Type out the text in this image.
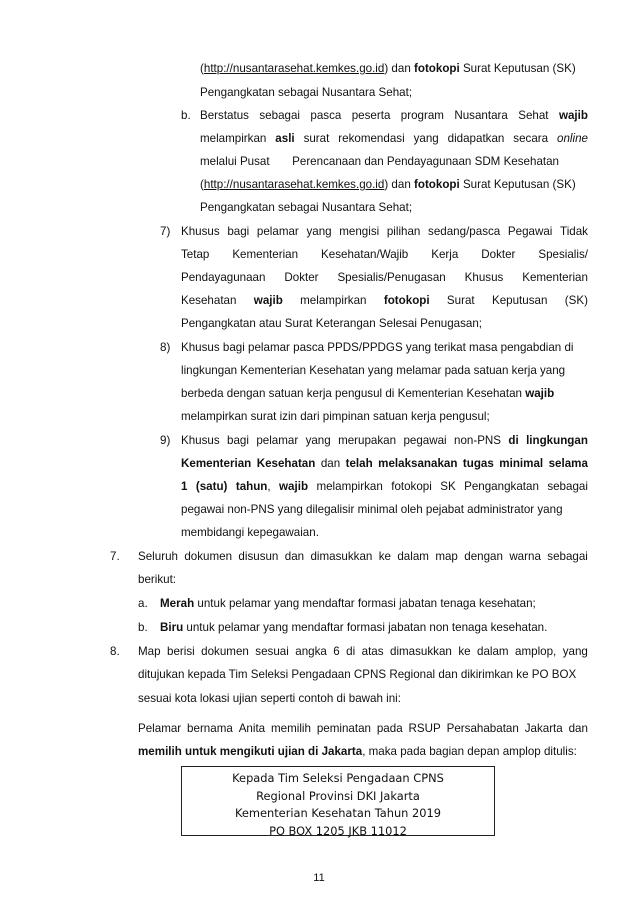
(http://nusantarasehat.kemkes.go.id) dan fotokopi Surat Keputusan (SK)
Pengangkatan sebagai Nusantara Sehat;
b. Berstatus sebagai pasca peserta program Nusantara Sehat wajib
melampirkan asli surat rekomendasi yang didapatkan secara online
melalui Pusat       Perencanaan dan Pendayagunaan SDM Kesehatan
(http://nusantarasehat.kemkes.go.id) dan fotokopi Surat Keputusan (SK)
Pengangkatan sebagai Nusantara Sehat;
7) Khusus bagi pelamar yang mengisi pilihan sedang/pasca Pegawai Tidak
Tetap Kementerian Kesehatan/Wajib Kerja Dokter Spesialis/
Pendayagunaan Dokter Spesialis/Penugasan Khusus Kementerian
Kesehatan wajib melampirkan fotokopi Surat Keputusan (SK)
Pengangkatan atau Surat Keterangan Selesai Penugasan;
8) Khusus bagi pelamar pasca PPDS/PPDGS yang terikat masa pengabdian di
lingkungan Kementerian Kesehatan yang melamar pada satuan kerja yang
berbeda dengan satuan kerja pengusul di Kementerian Kesehatan wajib
melampirkan surat izin dari pimpinan satuan kerja pengusul;
9) Khusus bagi pelamar yang merupakan pegawai non-PNS di lingkungan
Kementerian Kesehatan dan telah melaksanakan tugas minimal selama
1 (satu) tahun, wajib melampirkan fotokopi SK Pengangkatan sebagai
pegawai non-PNS yang dilegalisir minimal oleh pejabat administrator yang
membidangi kepegawaian.
7. Seluruh dokumen disusun dan dimasukkan ke dalam map dengan warna sebagai
berikut:
a. Merah untuk pelamar yang mendaftar formasi jabatan tenaga kesehatan;
b. Biru untuk pelamar yang mendaftar formasi jabatan non tenaga kesehatan.
8. Map berisi dokumen sesuai angka 6 di atas dimasukkan ke dalam amplop, yang
ditujukan kepada Tim Seleksi Pengadaan CPNS Regional dan dikirimkan ke PO BOX
sesuai kota lokasi ujian seperti contoh di bawah ini:
Pelamar bernama Anita memilih peminatan pada RSUP Persahabatan Jakarta dan
memilih untuk mengikuti ujian di Jakarta, maka pada bagian depan amplop ditulis:
Kepada Tim Seleksi Pengadaan CPNS
Regional Provinsi DKI Jakarta
Kementerian Kesehatan Tahun 2019
PO BOX 1205 JKB 11012
11
